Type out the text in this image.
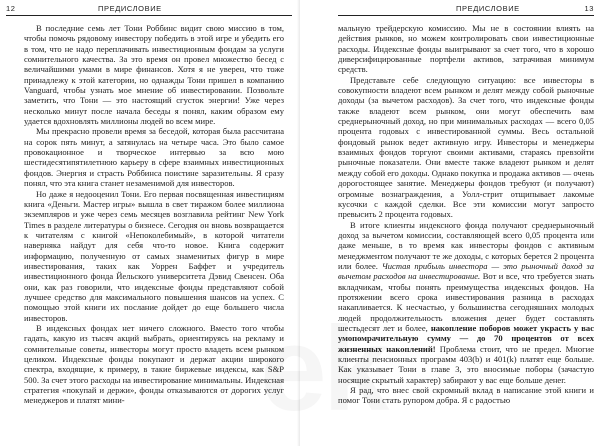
12	ПРЕДИСЛОВИЕ

В последние семь лет Тони Роббинс видит свою миссию в том, чтобы помочь рядовому инвестору победить в этой игре и убедить его в том, что не надо переплачивать инвестиционным фондам за услуги сомнительного качества. За это время он провел множество бесед с величайшими умами в мире финансов. Хотя я не уверен, что тоже принадлежу к этой категории, но однажды Тони пришел в компанию Vanguard, чтобы узнать мое мнение об инвестировании. Позвольте заметить, что Тони — это настоящий сгусток энергии! Уже через несколько минут после начала беседы я понял, каким образом ему удается вдохновлять миллионы людей во всем мире.

Мы прекрасно провели время за беседой, которая была рассчитана на сорок пять минут, а затянулась на четыре часа. Это было самое провокационное и творческое интервью за всю мою шестидесятипятилетнюю карьеру в сфере взаимных инвестиционных фондов. Энергия и страсть Роббинса поистине заразительны. Я сразу понял, что эта книга станет незаменимой для инвесторов.

Но даже я недооценил Тони. Его первая посвященная инвестициям книга «Деньги. Мастер игры» вышла в свет тиражом более миллиона экземпляров и уже через семь месяцев возглавила рейтинг New York Times в разделе литературы о бизнесе. Сегодня он вновь возвращается к читателям с книгой «Непоколебимый», в которой читатели наверняка найдут для себя что-то новое. Книга содержит информацию, полученную от самых знаменитых фигур в мире инвестирования, таких как Уоррен Баффет и учредитель инвестиционного фонда Йельского университета Дэвид Свенсен. Оба они, как раз говорили, что индексные фонды представляют собой лучшее средство для максимального повышения шансов на успех. С помощью этой книги их послание дойдет до еще большего числа инвесторов.

В индексных фондах нет ничего сложного. Вместо того чтобы гадать, какую из тысяч акций выбрать, ориентируясь на рекламу и сомнительные советы, инвесторы могут просто владеть всем рынком целиком. Индексные фонды покупают и держат акции широкого спектра, входящие, к примеру, в такие биржевые индексы, как S&P 500. За счет этого расходы на инвестирование минимальны. Индексная стратегия «покупай и держи», фонды отказываются от дорогих услуг менеджеров и платят мини-

ПРЕДИСЛОВИЕ	13

мальную трейдерскую комиссию. Мы не в состоянии влиять на действия рынков, но можем контролировать свои инвестиционные расходы. Индексные фонды выигрывают за счет того, что в хорошо диверсифицированные портфели активов, затрачивая минимум средств.

Представьте себе следующую ситуацию: все инвесторы в совокупности владеют всем рынком и делят между собой рыночные доходы (за вычетом расходов). За счет того, что индексные фонды также владеют всем рынком, они могут обеспечить вам среднерыночный доход, но при минимальных расходах — всего 0,05 процента годовых с инвестированной суммы. Весь остальной фондовый рынок ведет активную игру. Инвесторы и менеджеры взаимных фондов торгуют своими активами, стараясь превзойти рыночные показатели. Они вместе также владеют рынком и делят между собой его доходы. Однако покупка и продажа активов — очень дорогостоящее занятие. Менеджеры фондов требуют (и получают) огромные вознаграждения, а Уолл-стрит отщипывает лакомые кусочки с каждой сделки. Все эти комиссии могут запросто превысить 2 процента годовых.

В итоге клиенты индексного фонда получают среднерыночный доход за вычетом комиссии, составляющей всего 0,05 процента или даже меньше, в то время как инвесторы фондов с активным менеджментом получают те же доходы, с которых берется 2 процента или более. Чистая прибыль инвестора — это рыночный доход за вычетом расходов на инвестирование. Вот и все, что требуется знать вкладчикам, чтобы понять преимущества индексных фондов. На протяжении всего срока инвестирования разница в расходах накапливается. К несчастью, у большинства сегодняшних молодых людей продолжительность вложения денег будет составлять шестьдесят лет и более, накопление поборов может украсть у вас умопомрачительную сумму — до 70 процентов от всех жизненных накоплений! Проблема стоит, что не предел. Многие клиенты пенсионных программ 403(b) и 401(k) платят еще больше. Как указывает Тони в главе 3, это вносимые поборы (зачастую носящие скрытый характер) забирают у вас еще больше денег.

Я рад, что внес свой скромный вклад в написание этой книги и помог Тони стать рупором добра. Я с радостью
